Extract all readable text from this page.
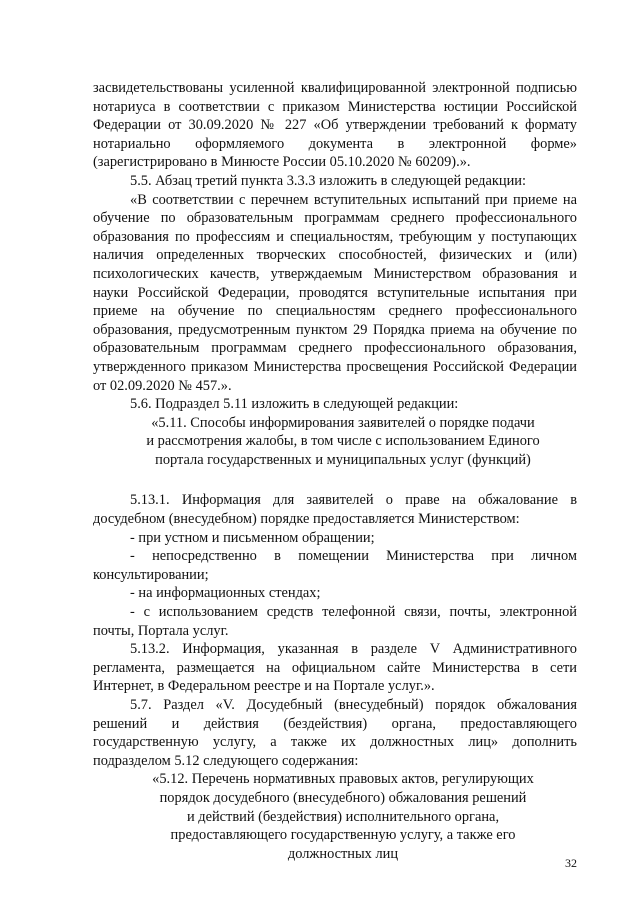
засвидетельствованы усиленной квалифицированной электронной подписью нотариуса в соответствии с приказом Министерства юстиции Российской Федерации от 30.09.2020 № 227 «Об утверждении требований к формату нотариально оформляемого документа в электронной форме» (зарегистрировано в Минюсте России 05.10.2020 № 60209).».

5.5. Абзац третий пункта 3.3.3 изложить в следующей редакции:

«В соответствии с перечнем вступительных испытаний при приеме на обучение по образовательным программам среднего профессионального образования по профессиям и специальностям, требующим у поступающих наличия определенных творческих способностей, физических и (или) психологических качеств, утверждаемым Министерством образования и науки Российской Федерации, проводятся вступительные испытания при приеме на обучение по специальностям среднего профессионального образования, предусмотренным пунктом 29 Порядка приема на обучение по образовательным программам среднего профессионального образования, утвержденного приказом Министерства просвещения Российской Федерации от 02.09.2020 № 457.».

5.6. Подраздел 5.11 изложить в следующей редакции:

«5.11. Способы информирования заявителей о порядке подачи

и рассмотрения жалобы, в том числе с использованием Единого

портала государственных и муниципальных услуг (функций)

5.13.1. Информация для заявителей о праве на обжалование в досудебном (внесудебном) порядке предоставляется Министерством:

- при устном и письменном обращении;

- непосредственно в помещении Министерства при личном консультировании;

- на информационных стендах;

- с использованием средств телефонной связи, почты, электронной почты, Портала услуг.

5.13.2. Информация, указанная в разделе V Административного регламента, размещается на официальном сайте Министерства в сети Интернет, в Федеральном реестре и на Портале услуг.».

5.7. Раздел «V. Досудебный (внесудебный) порядок обжалования решений и действия (бездействия) органа, предоставляющего государственную услугу, а также их должностных лиц» дополнить подразделом 5.12 следующего содержания:

«5.12. Перечень нормативных правовых актов, регулирующих

порядок досудебного (внесудебного) обжалования решений

и действий (бездействия) исполнительного органа,

предоставляющего государственную услугу, а также его

должностных лиц

32
